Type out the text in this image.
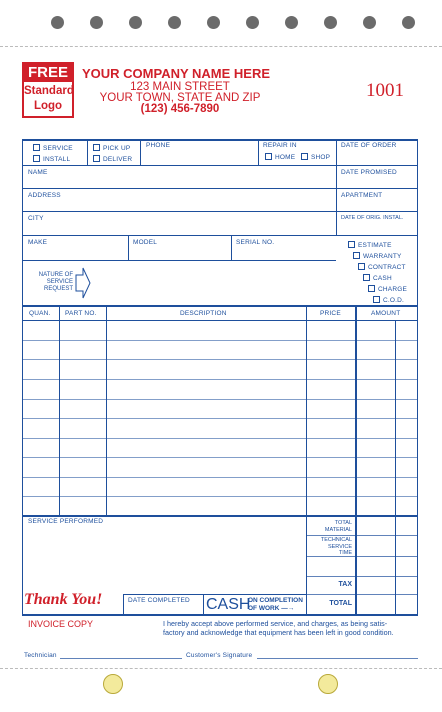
FREE
Standard
Logo
YOUR COMPANY NAME HERE
123 MAIN STREET
YOUR TOWN, STATE AND ZIP
(123) 456-7890
1001
SERVICE
INSTALL
PICK UP
DELIVER
PHONE	REPAIR IN
HOME	SHOP
DATE OF ORDER
NAME	DATE PROMISED
ADDRESS	APARTMENT
CITY	DATE OF ORIG. INSTAL.
MAKE	MODEL	SERIAL NO.
NATURE OF
SERVICE
REQUEST
ESTIMATE
WARRANTY
CONTRACT
CASH
CHARGE
C.O.D.
QUAN. PART NO.	DESCRIPTION	PRICE	AMOUNT
SERVICE PERFORMED	TOTAL
MATERIAL
TECHNICAL
SERVICE
TIME
TAX
TOTAL
Thank You!	DATE COMPLETED CASH
ON COMPLETION
OF WORK —→
INVOICE COPY	I hereby accept above performed service, and charges, as being satis-
factory and acknowledge that equipment has been left in good condition.
Technician	Customer's Signature
